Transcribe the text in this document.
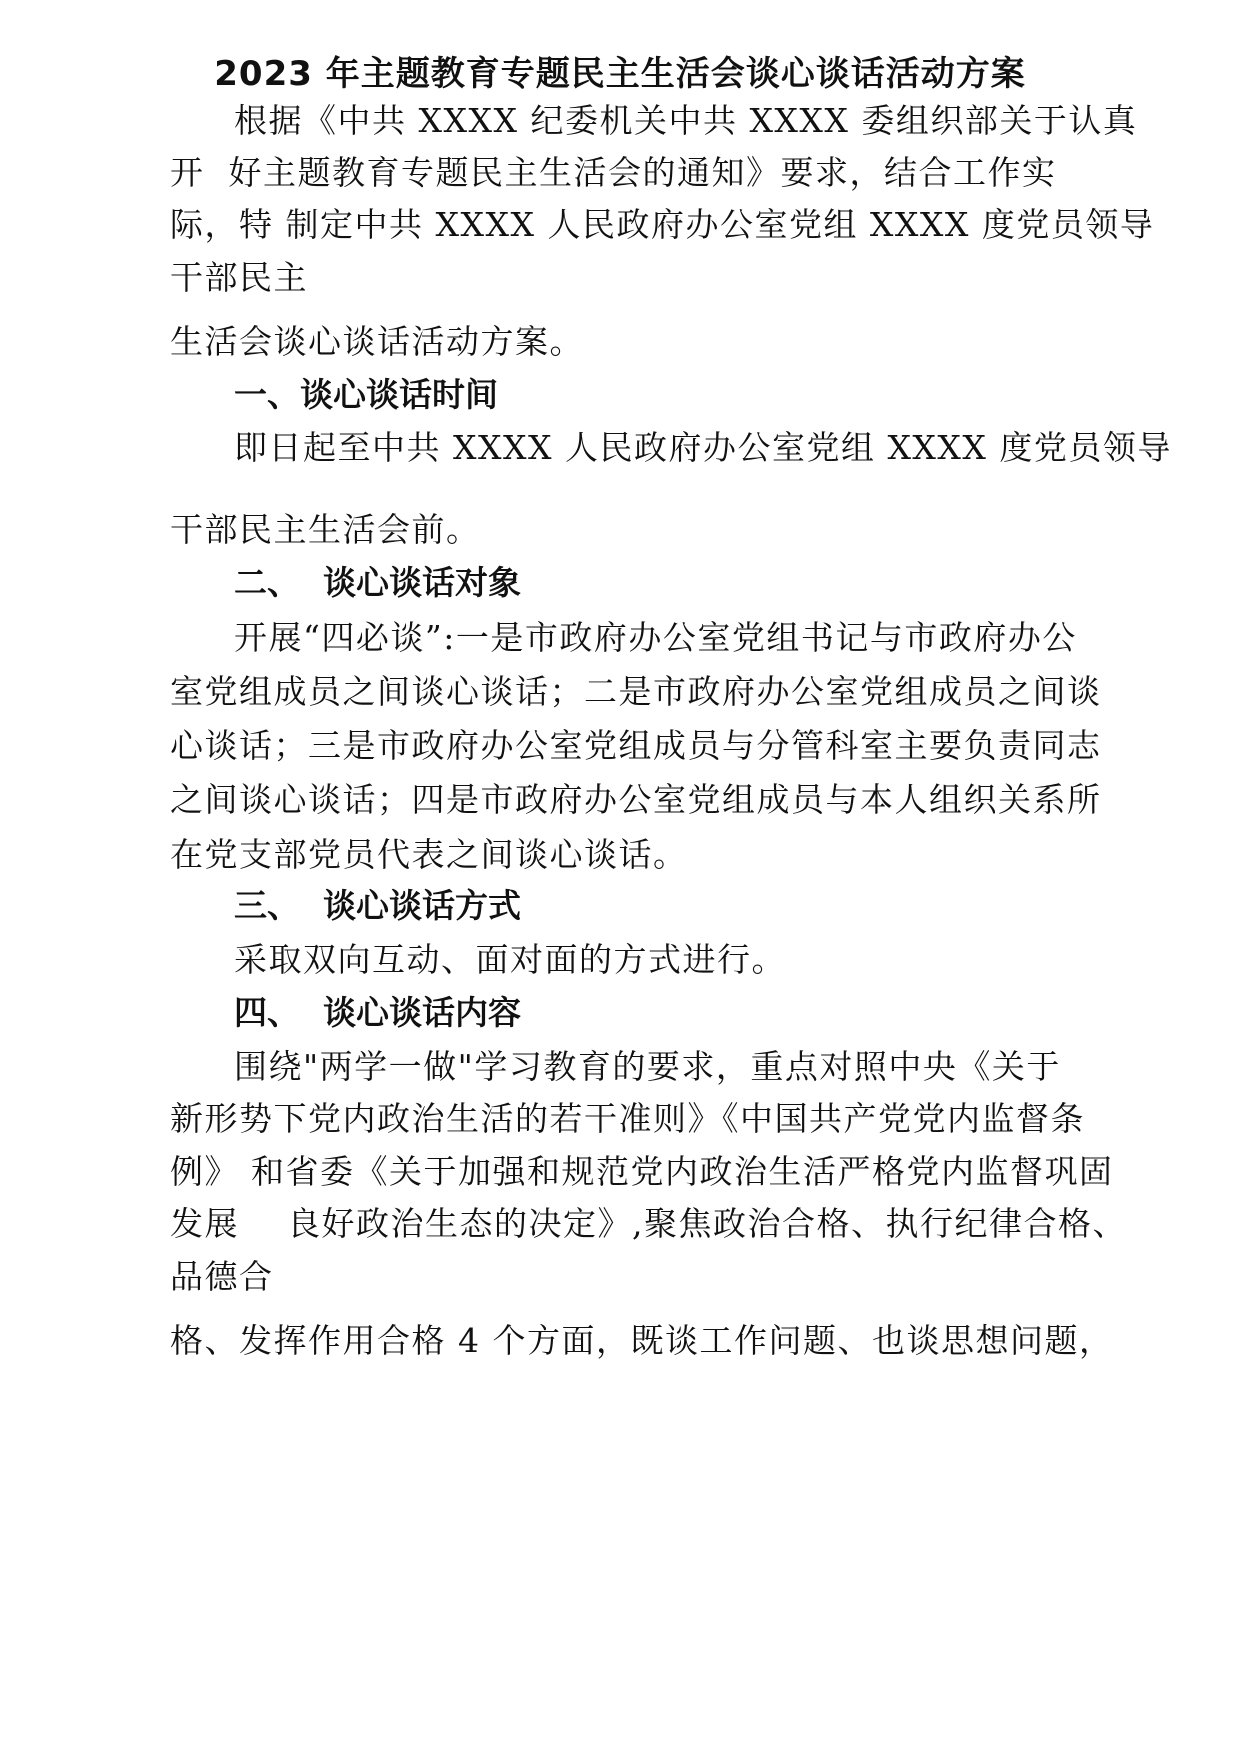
2023 年主题教育专题民主生活会谈心谈话活动方案
根据《中共 XXXX 纪委机关中共 XXXX 委组织部关于认真
开  好主题教育专题民主生活会的通知》要求，结合工作实
际，特 制定中共 XXXX 人民政府办公室党组 XXXX 度党员领导
干部民主
生活会谈心谈话活动方案。
一、谈心谈话时间
即日起至中共 XXXX 人民政府办公室党组 XXXX 度党员领导
干部民主生活会前。
二、  谈心谈话对象
开展“四必谈”:一是市政府办公室党组书记与市政府办公
室党组成员之间谈心谈话；二是市政府办公室党组成员之间谈
心谈话；三是市政府办公室党组成员与分管科室主要负责同志
之间谈心谈话；四是市政府办公室党组成员与本人组织关系所
在党支部党员代表之间谈心谈话。
三、  谈心谈话方式
采取双向互动、面对面的方式进行。
四、  谈心谈话内容
围绕"两学一做"学习教育的要求，重点对照中央《关于
新形势下党内政治生活的若干准则》《中国共产党党内监督条
例》 和省委《关于加强和规范党内政治生活严格党内监督巩固
发展    良好政治生态的决定》,聚焦政治合格、执行纪律合格、
品德合
格、发挥作用合格 4 个方面，既谈工作问题、也谈思想问题，
